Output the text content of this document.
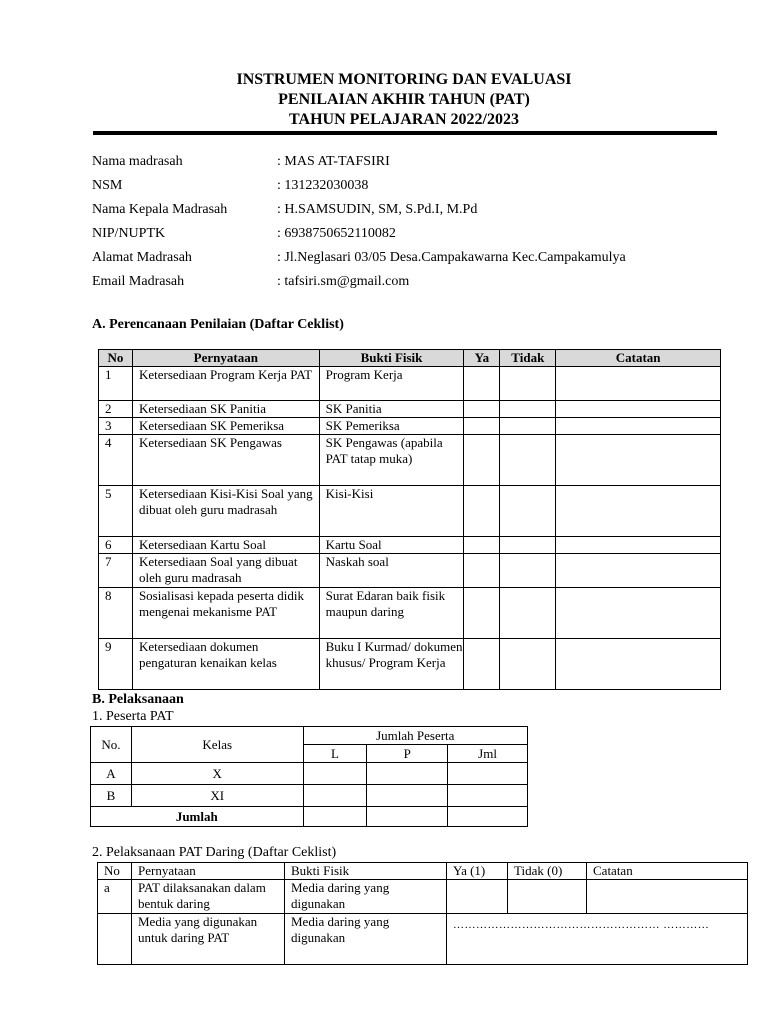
INSTRUMEN MONITORING DAN EVALUASI
PENILAIAN AKHIR TAHUN (PAT)
TAHUN PELAJARAN 2022/2023
Nama madrasah	: MAS AT-TAFSIRI
NSM	: 131232030038
Nama Kepala Madrasah	: H.SAMSUDIN, SM, S.Pd.I, M.Pd
NIP/NUPTK	: 6938750652110082
Alamat Madrasah	: Jl.Neglasari 03/05 Desa.Campakawarna Kec.Campakamulya
Email Madrasah	: tafsiri.sm@gmail.com
A. Perencanaan Penilaian (Daftar Ceklist)
No	Pernyataan	Bukti Fisik	Ya	Tidak	Catatan
1	Ketersediaan Program Kerja PAT	Program Kerja			
2	Ketersediaan SK Panitia	SK Panitia			
3	Ketersediaan SK Pemeriksa	SK Pemeriksa			
4	Ketersediaan SK Pengawas	SK Pengawas (apabila PAT tatap muka)			
5	Ketersediaan Kisi-Kisi Soal yang dibuat oleh guru madrasah	Kisi-Kisi			
6	Ketersediaan Kartu Soal	Kartu Soal			
7	Ketersediaan Soal yang dibuat oleh guru madrasah	Naskah soal			
8	Sosialisasi kepada peserta didik mengenai mekanisme PAT	Surat Edaran baik fisik maupun daring			
9	Ketersediaan dokumen pengaturan kenaikan kelas	Buku I Kurmad/ dokumen khusus/ Program Kerja			
B. Pelaksanaan
1. Peserta PAT
No.	Kelas	Jumlah Peserta		
		L	P	Jml
A	X			
B	XI			
Jumlah				
2. Pelaksanaan PAT Daring (Daftar Ceklist)
No	Pernyataan	Bukti Fisik	Ya (1)	Tidak (0)	Catatan
a	PAT dilaksanakan dalam bentuk daring	Media daring yang digunakan			
	Media yang digunakan untuk daring PAT	Media daring yang digunakan	……………………………………………… …………		
